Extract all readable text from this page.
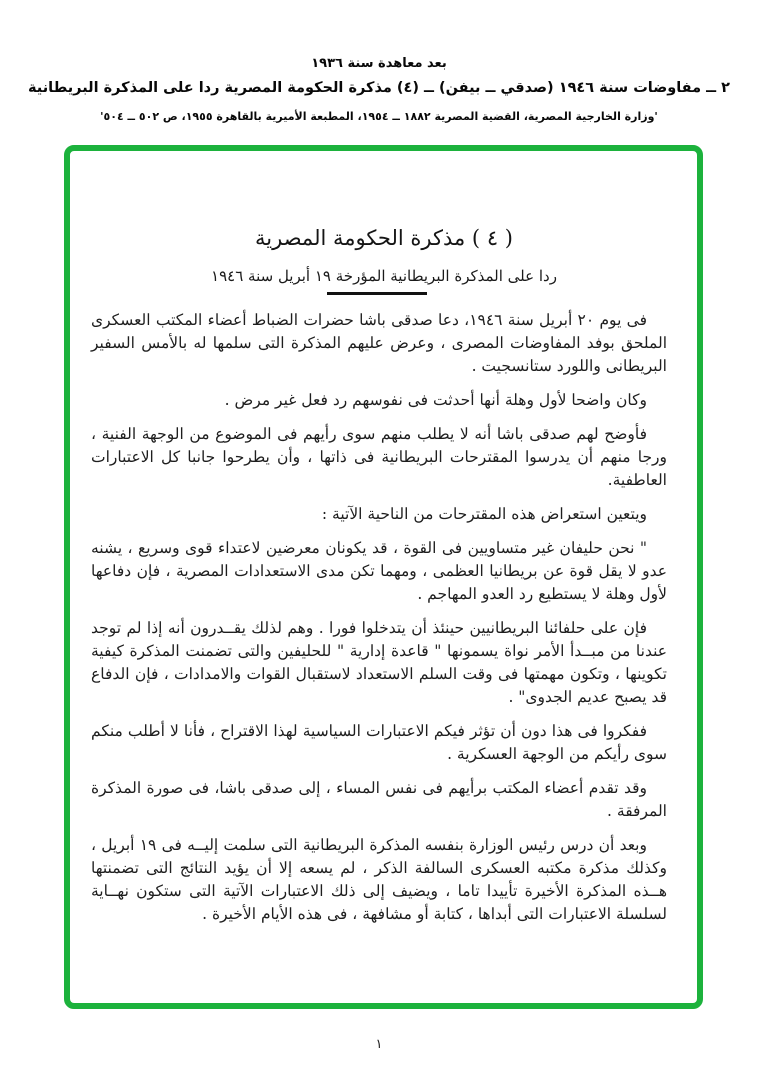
بعد معاهدة سنة ١٩٣٦
٢ ــ مفاوضات سنة ١٩٤٦ (صدقي ــ بيفن) ــ (٤) مذكرة الحكومة المصرية ردا على المذكرة البريطانية
'وزارة الخارجية المصرية، القضية المصرية ١٨٨٢ ــ ١٩٥٤، المطبعة الأميرية بالقاهرة ١٩٥٥، ص ٥٠٢ ــ ٥٠٤'
( ٤ ) مذكرة الحكومة المصرية
ردا على المذكرة البريطانية المؤرخة ١٩ أبريل سنة ١٩٤٦

فى يوم ٢٠ أبريل سنة ١٩٤٦، دعا صدقى باشا حضرات الضباط أعضاء المكتب العسكرى الملحق بوفد المفاوضات المصرى ، وعرض عليهم المذكرة التى سلمها له بالأمس السفير البريطانى واللورد ستانسجيت .

وكان واضحا لأول وهلة أنها أحدثت فى نفوسهم رد فعل غير مرض .

فأوضح لهم صدقى باشا أنه لا يطلب منهم سوى رأيهم فى الموضوع من الوجهة الفنية ، ورجا منهم أن يدرسوا المقترحات البريطانية فى ذاتها ، وأن يطرحوا جانبا كل الاعتبارات العاطفية.

ويتعين استعراض هذه المقترحات من الناحية الآتية :

" نحن حليفان غير متساويين فى القوة ، قد يكونان معرضين لاعتداء قوى وسريع ، يشنه عدو لا يقل قوة عن بريطانيا العظمى ، ومهما تكن مدى الاستعدادات المصرية ، فإن دفاعها لأول وهلة لا يستطيع رد العدو المهاجم .

فإن على حلفائنا البريطانيين حينئذ أن يتدخلوا فورا . وهم لذلك يقــدرون أنه إذا لم توجد عندنا من مبــدأ الأمر نواة يسمونها " قاعدة إدارية " للحليفين والتى تضمنت المذكرة كيفية تكوينها ، وتكون مهمتها فى وقت السلم الاستعداد لاستقبال القوات والامدادات ، فإن الدفاع قد يصبح عديم الجدوى" .

ففكروا فى هذا دون أن تؤثر فيكم الاعتبارات السياسية لهذا الاقتراح ، فأنا لا أطلب منكم سوى رأيكم من الوجهة العسكرية .

وقد تقدم أعضاء المكتب برأيهم فى نفس المساء ، إلى صدقى باشا، فى صورة المذكرة المرفقة .

وبعد أن درس رئيس الوزارة بنفسه المذكرة البريطانية التى سلمت إليــه فى ١٩ أبريل ، وكذلك مذكرة مكتبه العسكرى السالفة الذكر ، لم يسعه إلا أن يؤيد النتائج التى تضمنتها هــذه المذكرة الأخيرة تأييدا تاما ، ويضيف إلى ذلك الاعتبارات الآتية التى ستكون نهــاية لسلسلة الاعتبارات التى أبداها ، كتابة أو مشافهة ، فى هذه الأيام الأخيرة .

١
